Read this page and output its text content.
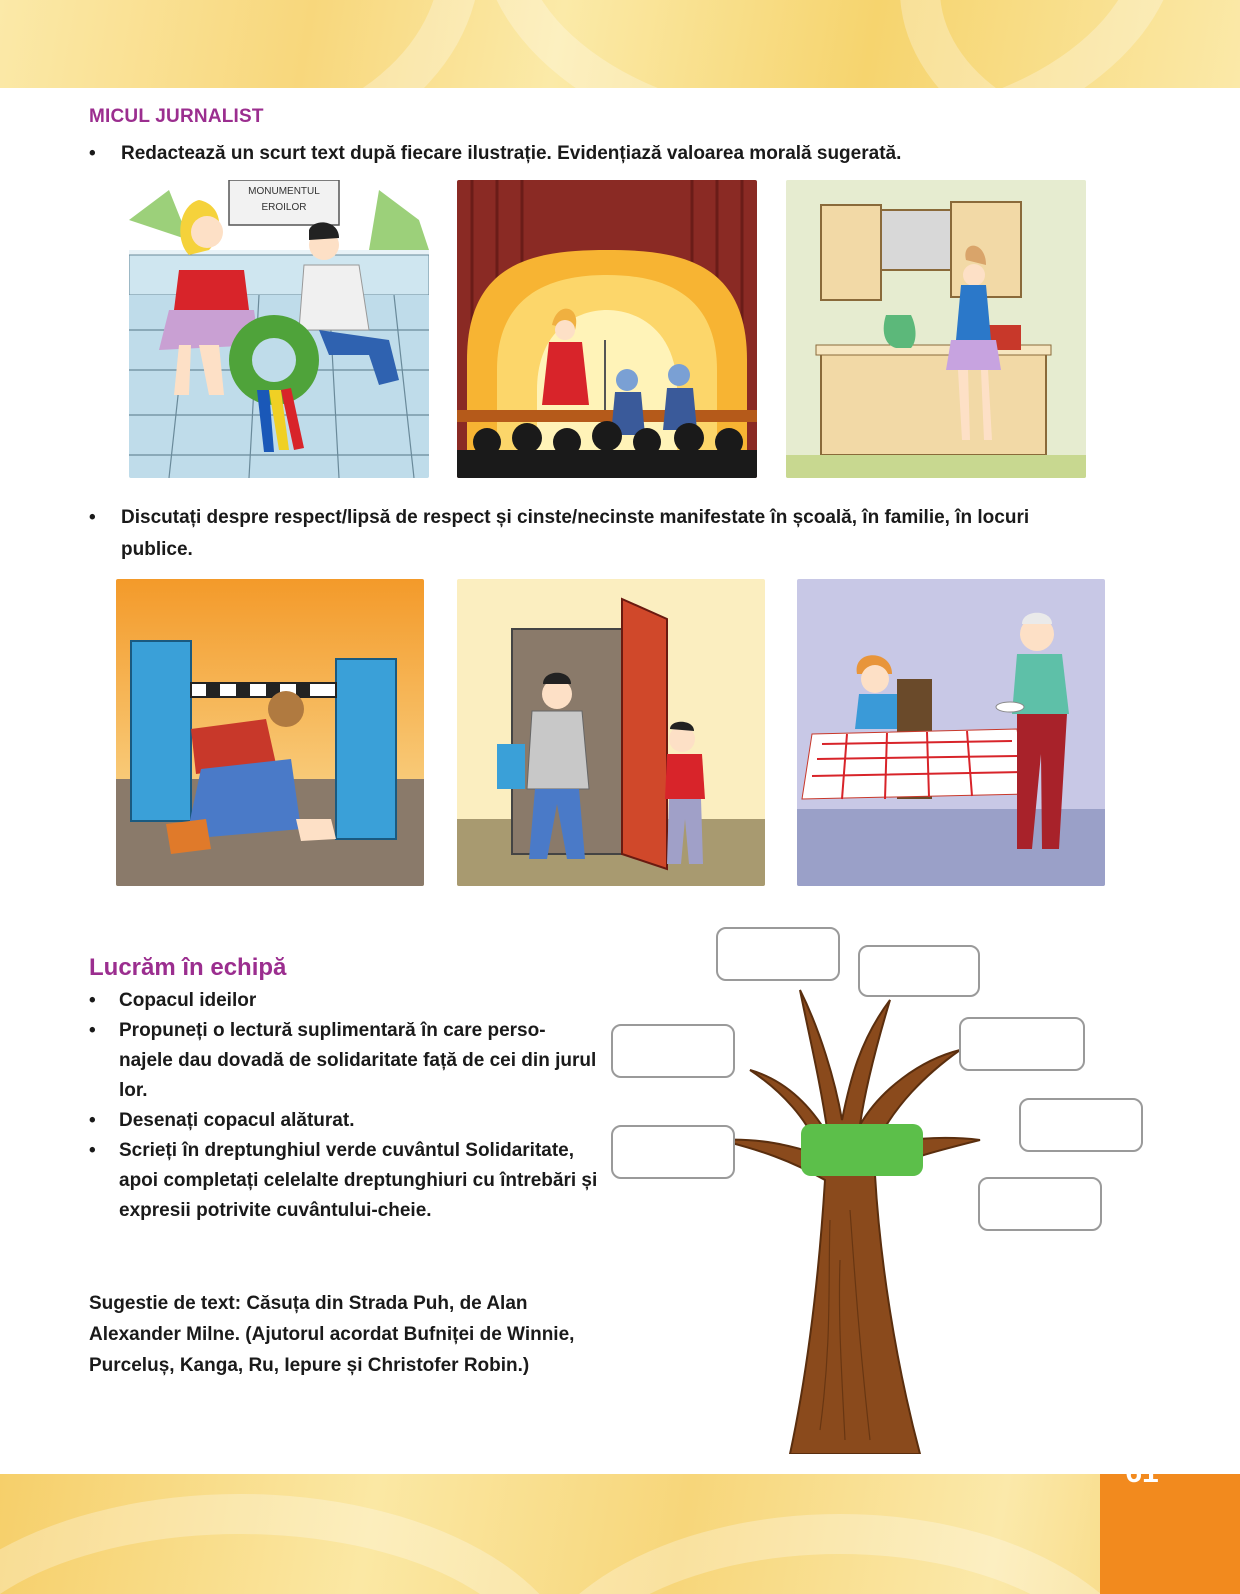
61
MICUL JURNALIST
•	Redactează un scurt text după fiecare ilustrație. Evidențiază valoarea morală sugerată.
MONUMENTUL
EROILOR
•	Discutați despre respect/lipsă de respect și cinste/necinste manifestate în școală, în familie, în locuri publice.
Lucrăm în echipă
• Copacul ideilor
• Propuneți o lectură suplimentară în care perso-najele dau dovadă de solidaritate față de cei din jurul lor.
• Desenați copacul alăturat.
• Scrieți în dreptunghiul verde cuvântul Solidaritate, apoi completați celelalte dreptunghiuri cu întrebări și expresii potrivite cuvântului-cheie.
Sugestie de text: Căsuța din Strada Puh, de Alan Alexander Milne. (Ajutorul acordat Bufniței de Winnie, Purceluș, Kanga, Ru, Iepure și Christofer Robin.)
